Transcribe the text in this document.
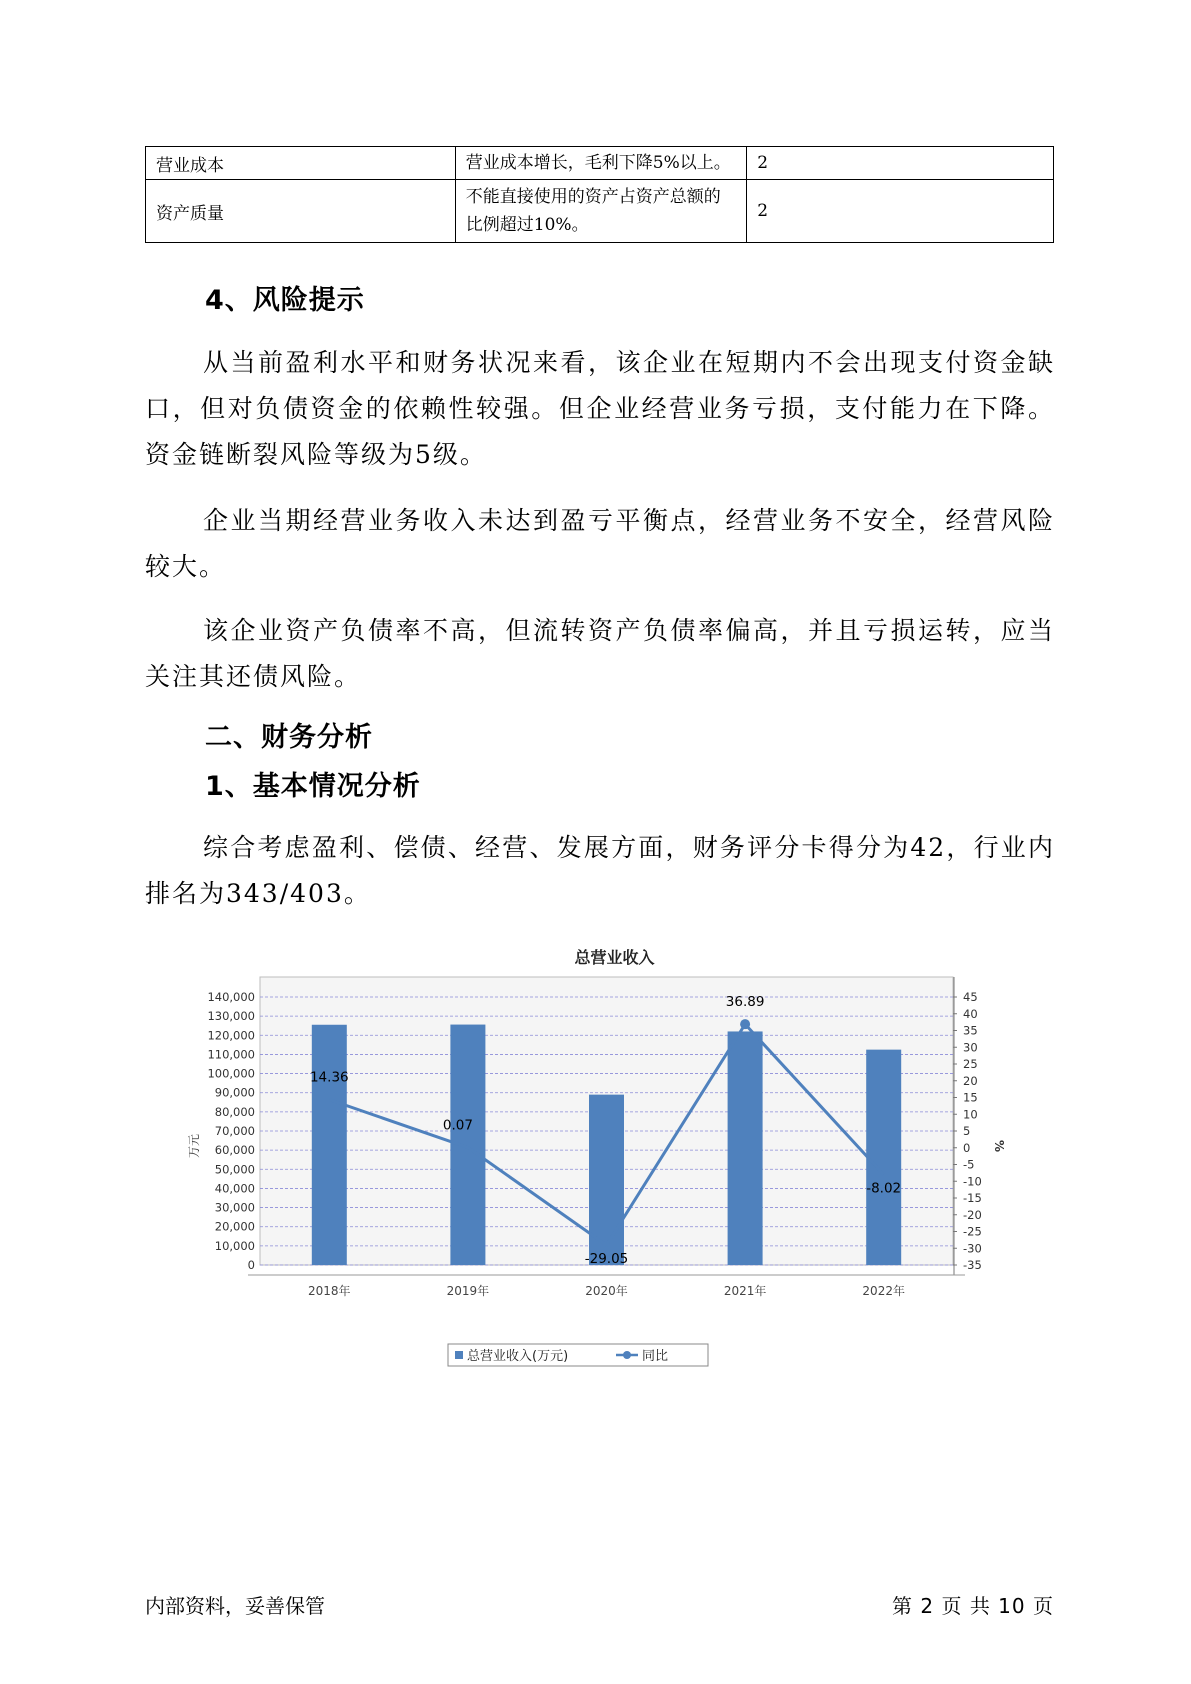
营业成本	营业成本增长，毛利下降5%以上。	2
资产质量	不能直接使用的资产占资产总额的比例超过10%。	2
4、风险提示
从当前盈利水平和财务状况来看，该企业在短期内不会出现支付资金缺口，但对负债资金的依赖性较强。但企业经营业务亏损，支付能力在下降。资金链断裂风险等级为5级。
企业当期经营业务收入未达到盈亏平衡点，经营业务不安全，经营风险较大。
该企业资产负债率不高，但流转资产负债率偏高，并且亏损运转，应当关注其还债风险。
二、财务分析
1、基本情况分析
综合考虑盈利、偿债、经营、发展方面，财务评分卡得分为42，行业内排名为343/403。
总营业收入
0
10,000
20,000
30,000
40,000
50,000
60,000
70,000
80,000
90,000
100,000
110,000
120,000
130,000
140,000
-35
-30
-25
-20
-15
-10
-5
0
5
10
15
20
25
30
35
40
45
万元	%
2018年	2019年	2020年	2021年	2022年
14.36
0.07
-29.05
36.89
-8.02
总营业收入(万元)	同比
内部资料，妥善保管	第 2 页 共 10 页
